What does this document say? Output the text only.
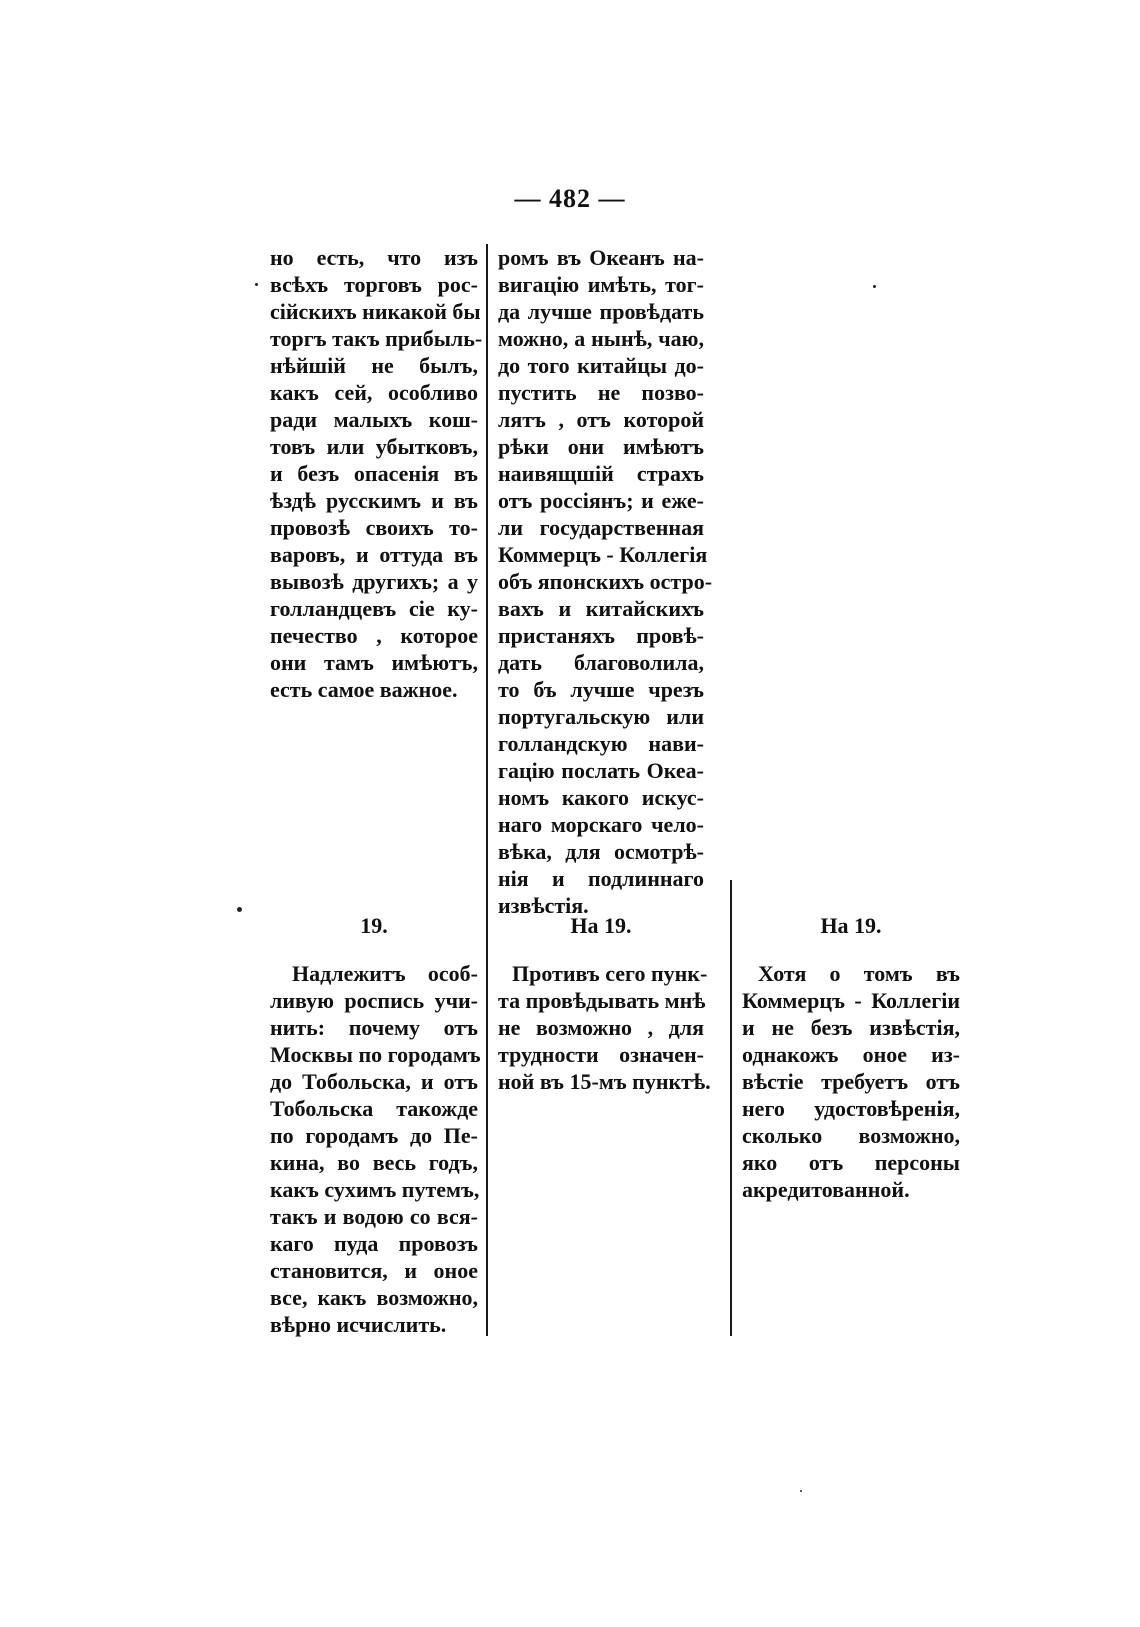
— 482 —

но есть, что изъ
всѣхъ торговъ рос-
сійскихъ никакой бы
торгъ такъ прибыль-
нѣйшій не былъ,
какъ сей, особливо
ради малыхъ кош-
товъ или убытковъ,
и безъ опасенія въ
ѣздѣ русскимъ и въ
провозѣ своихъ то-
варовъ, и оттуда въ
вывозѣ другихъ; а у
голландцевъ сіе ку-
печество , которое
они тамъ имѣютъ,
есть самое важное.

ромъ въ Океанъ на-
вигацію имѣть, тог-
да лучше провѣдать
можно, а нынѣ, чаю,
до того китайцы до-
пустить не позво-
лятъ , отъ которой
рѣки они имѣютъ
наивящшій страхъ
отъ россіянъ; и еже-
ли государственная
Коммерцъ - Коллегія
объ японскихъ остро-
вахъ и китайскихъ
пристаняхъ провѣ-
дать благоволила,
то бъ лучше чрезъ
португальскую или
голландскую нави-
гацію послать Океа-
номъ какого искус-
наго морскаго чело-
вѣка, для осмотрѣ-
нія и подлиннаго
извѣстія.

19.	На 19.	На 19.

Надлежитъ особ-
ливую роспись учи-
нить: почему отъ
Москвы по городамъ
до Тобольска, и отъ
Тобольска такожде
по городамъ до Пе-
кина, во весь годъ,
какъ сухимъ путемъ,
такъ и водою со вся-
каго пуда провозъ
становится, и оное
все, какъ возможно,
вѣрно исчислить.

Противъ сего пунк-
та провѣдывать мнѣ
не возможно , для
трудности означен-
ной въ 15-мъ пунктѣ.

Хотя о томъ въ
Коммерцъ - Коллегіи
и не безъ извѣстія,
однакожъ оное из-
вѣстіе требуетъ отъ
него удостовѣренія,
сколько возможно,
яко отъ персоны
акредитованной.
